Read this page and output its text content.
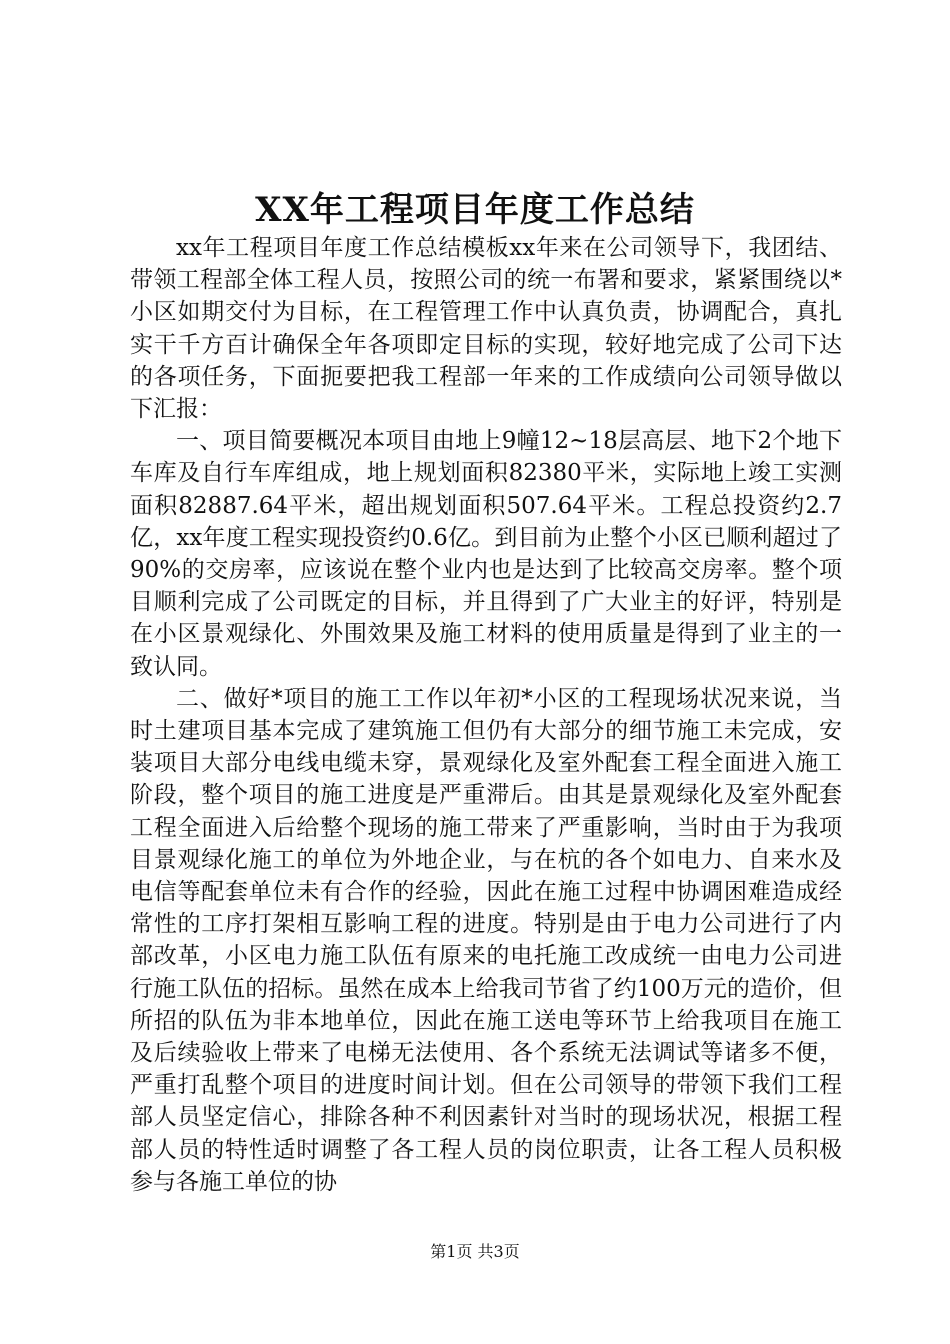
XX年工程项目年度工作总结

xx年工程项目年度工作总结模板xx年来在公司领导下，我团结、带领工程部全体工程人员，按照公司的统一布署和要求，紧紧围绕以*小区如期交付为目标，在工程管理工作中认真负责，协调配合，真扎实干千方百计确保全年各项即定目标的实现，较好地完成了公司下达的各项任务，下面扼要把我工程部一年来的工作成绩向公司领导做以下汇报：

一、项目简要概况本项目由地上9幢12~18层高层、地下2个地下车库及自行车库组成，地上规划面积82380平米，实际地上竣工实测面积82887.64平米，超出规划面积507.64平米。工程总投资约2.7亿，xx年度工程实现投资约0.6亿。到目前为止整个小区已顺利超过了90%的交房率，应该说在整个业内也是达到了比较高交房率。整个项目顺利完成了公司既定的目标，并且得到了广大业主的好评，特别是在小区景观绿化、外围效果及施工材料的使用质量是得到了业主的一致认同。

二、做好*项目的施工工作以年初*小区的工程现场状况来说，当时土建项目基本完成了建筑施工但仍有大部分的细节施工未完成，安装项目大部分电线电缆未穿，景观绿化及室外配套工程全面进入施工阶段，整个项目的施工进度是严重滞后。由其是景观绿化及室外配套工程全面进入后给整个现场的施工带来了严重影响，当时由于为我项目景观绿化施工的单位为外地企业，与在杭的各个如电力、自来水及电信等配套单位未有合作的经验，因此在施工过程中协调困难造成经常性的工序打架相互影响工程的进度。特别是由于电力公司进行了内部改革，小区电力施工队伍有原来的电托施工改成统一由电力公司进行施工队伍的招标。虽然在成本上给我司节省了约100万元的造价，但所招的队伍为非本地单位，因此在施工送电等环节上给我项目在施工及后续验收上带来了电梯无法使用、各个系统无法调试等诸多不便，严重打乱整个项目的进度时间计划。但在公司领导的带领下我们工程部人员坚定信心，排除各种不利因素针对当时的现场状况，根据工程部人员的特性适时调整了各工程人员的岗位职责，让各工程人员积极参与各施工单位的协

第1页 共3页
